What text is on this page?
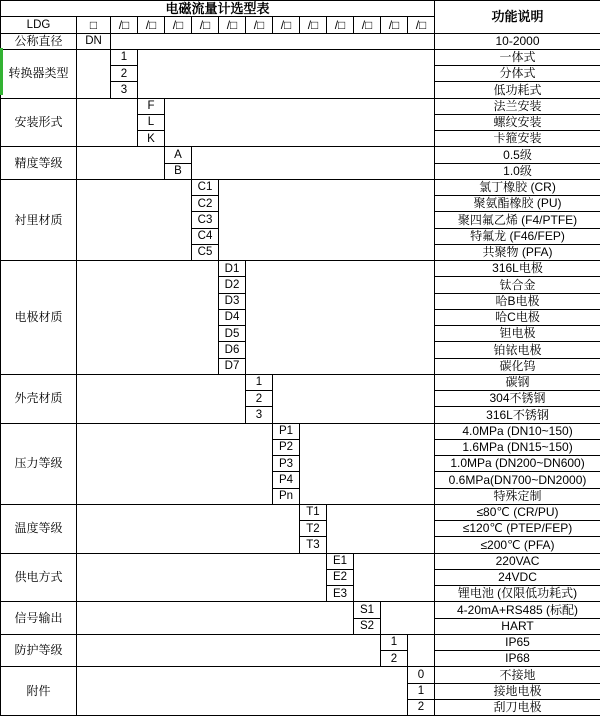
电磁流量计选型表														功能说明
LDG	□	/□	/□	/□	/□	/□	/□	/□	/□	/□	/□	/□	/□	
公称直径	DN													10-2000
转换器类型		1												一体式
		2												分体式
		3												低功耗式
安装形式			F											法兰安装
			L											螺纹安装
			K											卡箍安装
精度等级				A										0.5级
				B										1.0级
衬里材质					C1									氯丁橡胶 (CR)
					C2									聚氨酯橡胶 (PU)
					C3									聚四氟乙烯 (F4/PTFE)
					C4									特氟龙 (F46/FEP)
					C5									共聚物 (PFA)
电极材质						D1								316L电极
						D2								钛合金
						D3								哈B电极
						D4								哈C电极
						D5								钽电极
						D6								铂铱电极
						D7								碳化钨
外壳材质							1							碳钢
							2							304不锈钢
							3							316L不锈钢
压力等级								P1						4.0MPa (DN10~150)
								P2						1.6MPa (DN15~150)
								P3						1.0MPa (DN200~DN600)
								P4						0.6MPa(DN700~DN2000)
								Pn						特殊定制
温度等级									T1					≤80℃ (CR/PU)
									T2					≤120℃ (PTEP/FEP)
									T3					≤200℃ (PFA)
供电方式										E1				220VAC
										E2				24VDC
										E3				锂电池 (仅限低功耗式)
信号输出											S1			4-20mA+RS485 (标配)
											S2			HART
防护等级												1		IP65
												2		IP68
附件													0	不接地
													1	接地电极
													2	刮刀电极
